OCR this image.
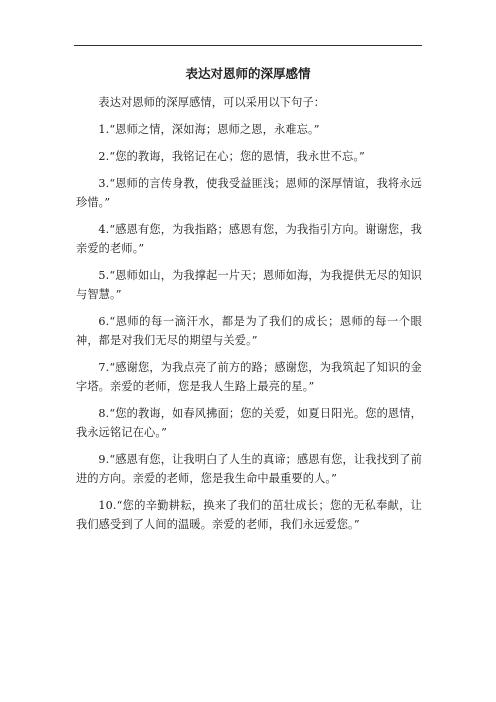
表达对恩师的深厚感情

表达对恩师的深厚感情，可以采用以下句子：

1.“恩师之情，深如海；恩师之恩，永难忘。”

2.“您的教诲，我铭记在心；您的恩情，我永世不忘。”

3.“恩师的言传身教，使我受益匪浅；恩师的深厚情谊，我将永远珍惜。”

4.“感恩有您，为我指路；感恩有您，为我指引方向。谢谢您，我亲爱的老师。”

5.“恩师如山，为我撑起一片天；恩师如海，为我提供无尽的知识与智慧。”

6.“恩师的每一滴汗水，都是为了我们的成长；恩师的每一个眼神，都是对我们无尽的期望与关爱。”

7.“感谢您，为我点亮了前方的路；感谢您，为我筑起了知识的金字塔。亲爱的老师，您是我人生路上最亮的星。”

8.“您的教诲，如春风拂面；您的关爱，如夏日阳光。您的恩情，我永远铭记在心。”

9.“感恩有您，让我明白了人生的真谛；感恩有您，让我找到了前进的方向。亲爱的老师，您是我生命中最重要的人。”

10.“您的辛勤耕耘，换来了我们的茁壮成长；您的无私奉献，让我们感受到了人间的温暖。亲爱的老师，我们永远爱您。”
